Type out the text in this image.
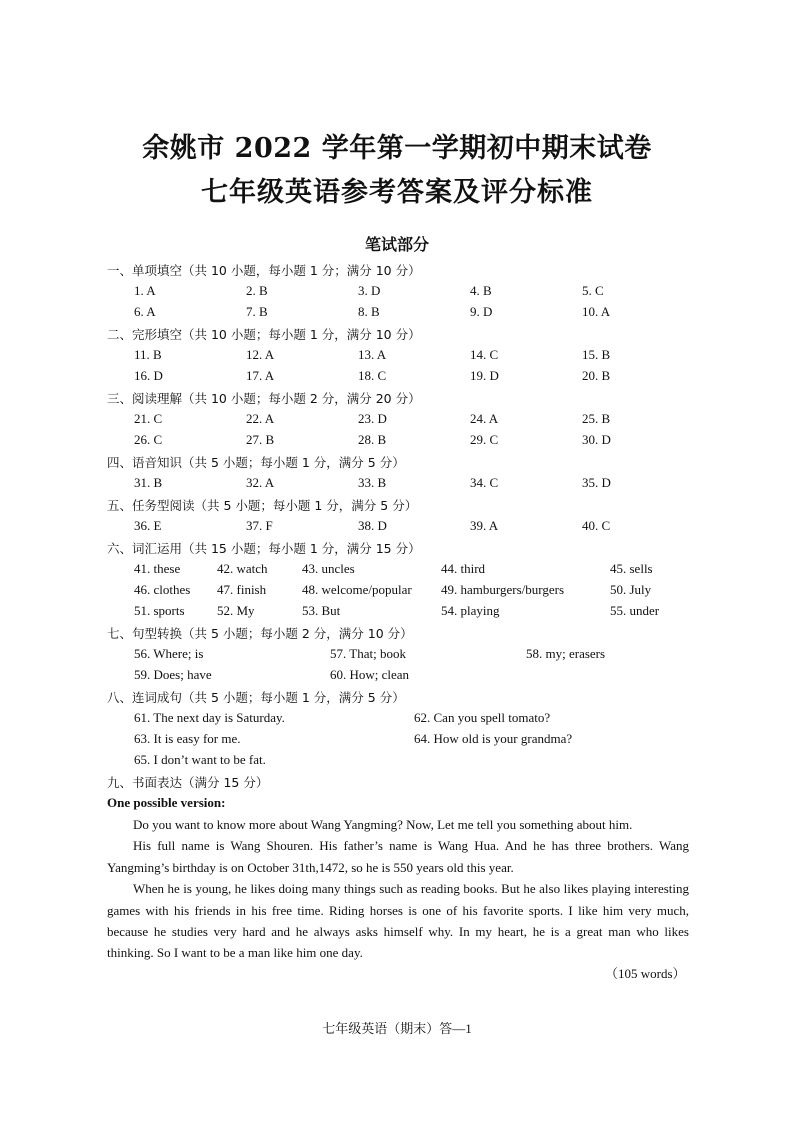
余姚市 2022 学年第一学期初中期末试卷
七年级英语参考答案及评分标准
笔试部分
一、单项填空（共 10 小题，每小题 1 分；满分 10 分）
1. A	2. B	3. D	4. B	5. C
6. A	7. B	8. B	9. D	10. A
二、完形填空（共 10 小题；每小题 1 分，满分 10 分）
11. B	12. A	13. A	14. C	15. B
16. D	17. A	18. C	19. D	20. B
三、阅读理解（共 10 小题；每小题 2 分，满分 20 分）
21. C	22. A	23. D	24. A	25. B
26. C	27. B	28. B	29. C	30. D
四、语音知识（共 5 小题；每小题 1 分，满分 5 分）
31. B	32. A	33. B	34. C	35. D
五、任务型阅读（共 5 小题；每小题 1 分，满分 5 分）
36. E	37. F	38. D	39. A	40. C
六、词汇运用（共 15 小题；每小题 1 分，满分 15 分）
41. these	42. watch	43. uncles	44. third	45. sells
46. clothes 47. finish	48. welcome/popular 49. hamburgers/burgers	50. July
51. sports 52. My	53. But	54. playing	55. under
七、句型转换（共 5 小题；每小题 2 分，满分 10 分）
56. Where; is	57. That; book	58. my; erasers
59. Does; have	60. How; clean
八、连词成句（共 5 小题；每小题 1 分，满分 5 分）
61. The next day is Saturday.	62. Can you spell tomato?
63. It is easy for me.	64. How old is your grandma?
65. I don’t want to be fat.
九、书面表达（满分 15 分）
One possible version:
Do you want to know more about Wang Yangming? Now, Let me tell you something about him.
His full name is Wang Shouren. His father’s name is Wang Hua. And he has three brothers. Wang Yangming’s birthday is on October 31th,1472, so he is 550 years old this year.
When he is young, he likes doing many things such as reading books. But he also likes playing interesting games with his friends in his free time. Riding horses is one of his favorite sports. I like him very much, because he studies very hard and he always asks himself why. In my heart, he is a great man who likes thinking. So I want to be a man like him one day.
（105 words）
七年级英语（期末）答—1
